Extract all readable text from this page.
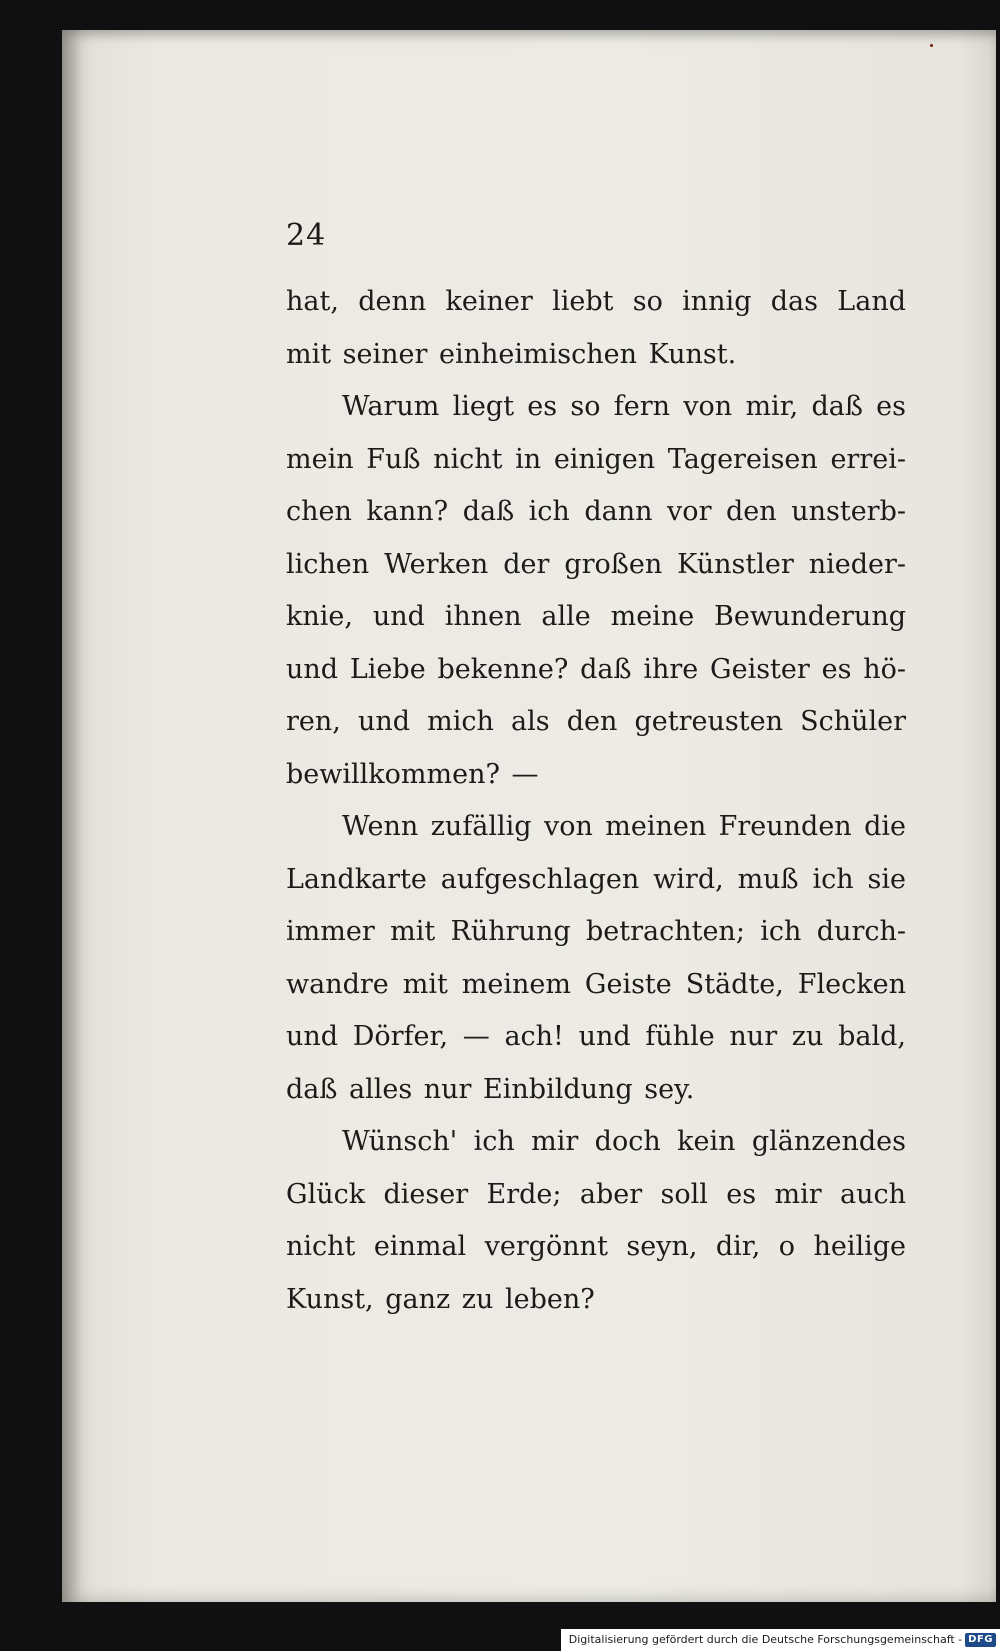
24

hat, denn keiner liebt so innig das Land mit seiner einheimischen Kunst.

Warum liegt es so fern von mir, daß es mein Fuß nicht in einigen Tagereisen errei-chen kann? daß ich dann vor den unsterb-lichen Werken der großen Künstler nieder-knie, und ihnen alle meine Bewunderung und Liebe bekenne? daß ihre Geister es hö-ren, und mich als den getreusten Schüler bewillkommen? —

Wenn zufällig von meinen Freunden die Landkarte aufgeschlagen wird, muß ich sie immer mit Rührung betrachten; ich durch-wandre mit meinem Geiste Städte, Flecken und Dörfer, — ach! und fühle nur zu bald, daß alles nur Einbildung sey.

Wünsch' ich mir doch kein glänzendes Glück dieser Erde; aber soll es mir auch nicht einmal vergönnt seyn, dir, o heilige Kunst, ganz zu leben?

Digitalisierung gefördert durch die Deutsche Forschungsgemeinschaft - DFG
